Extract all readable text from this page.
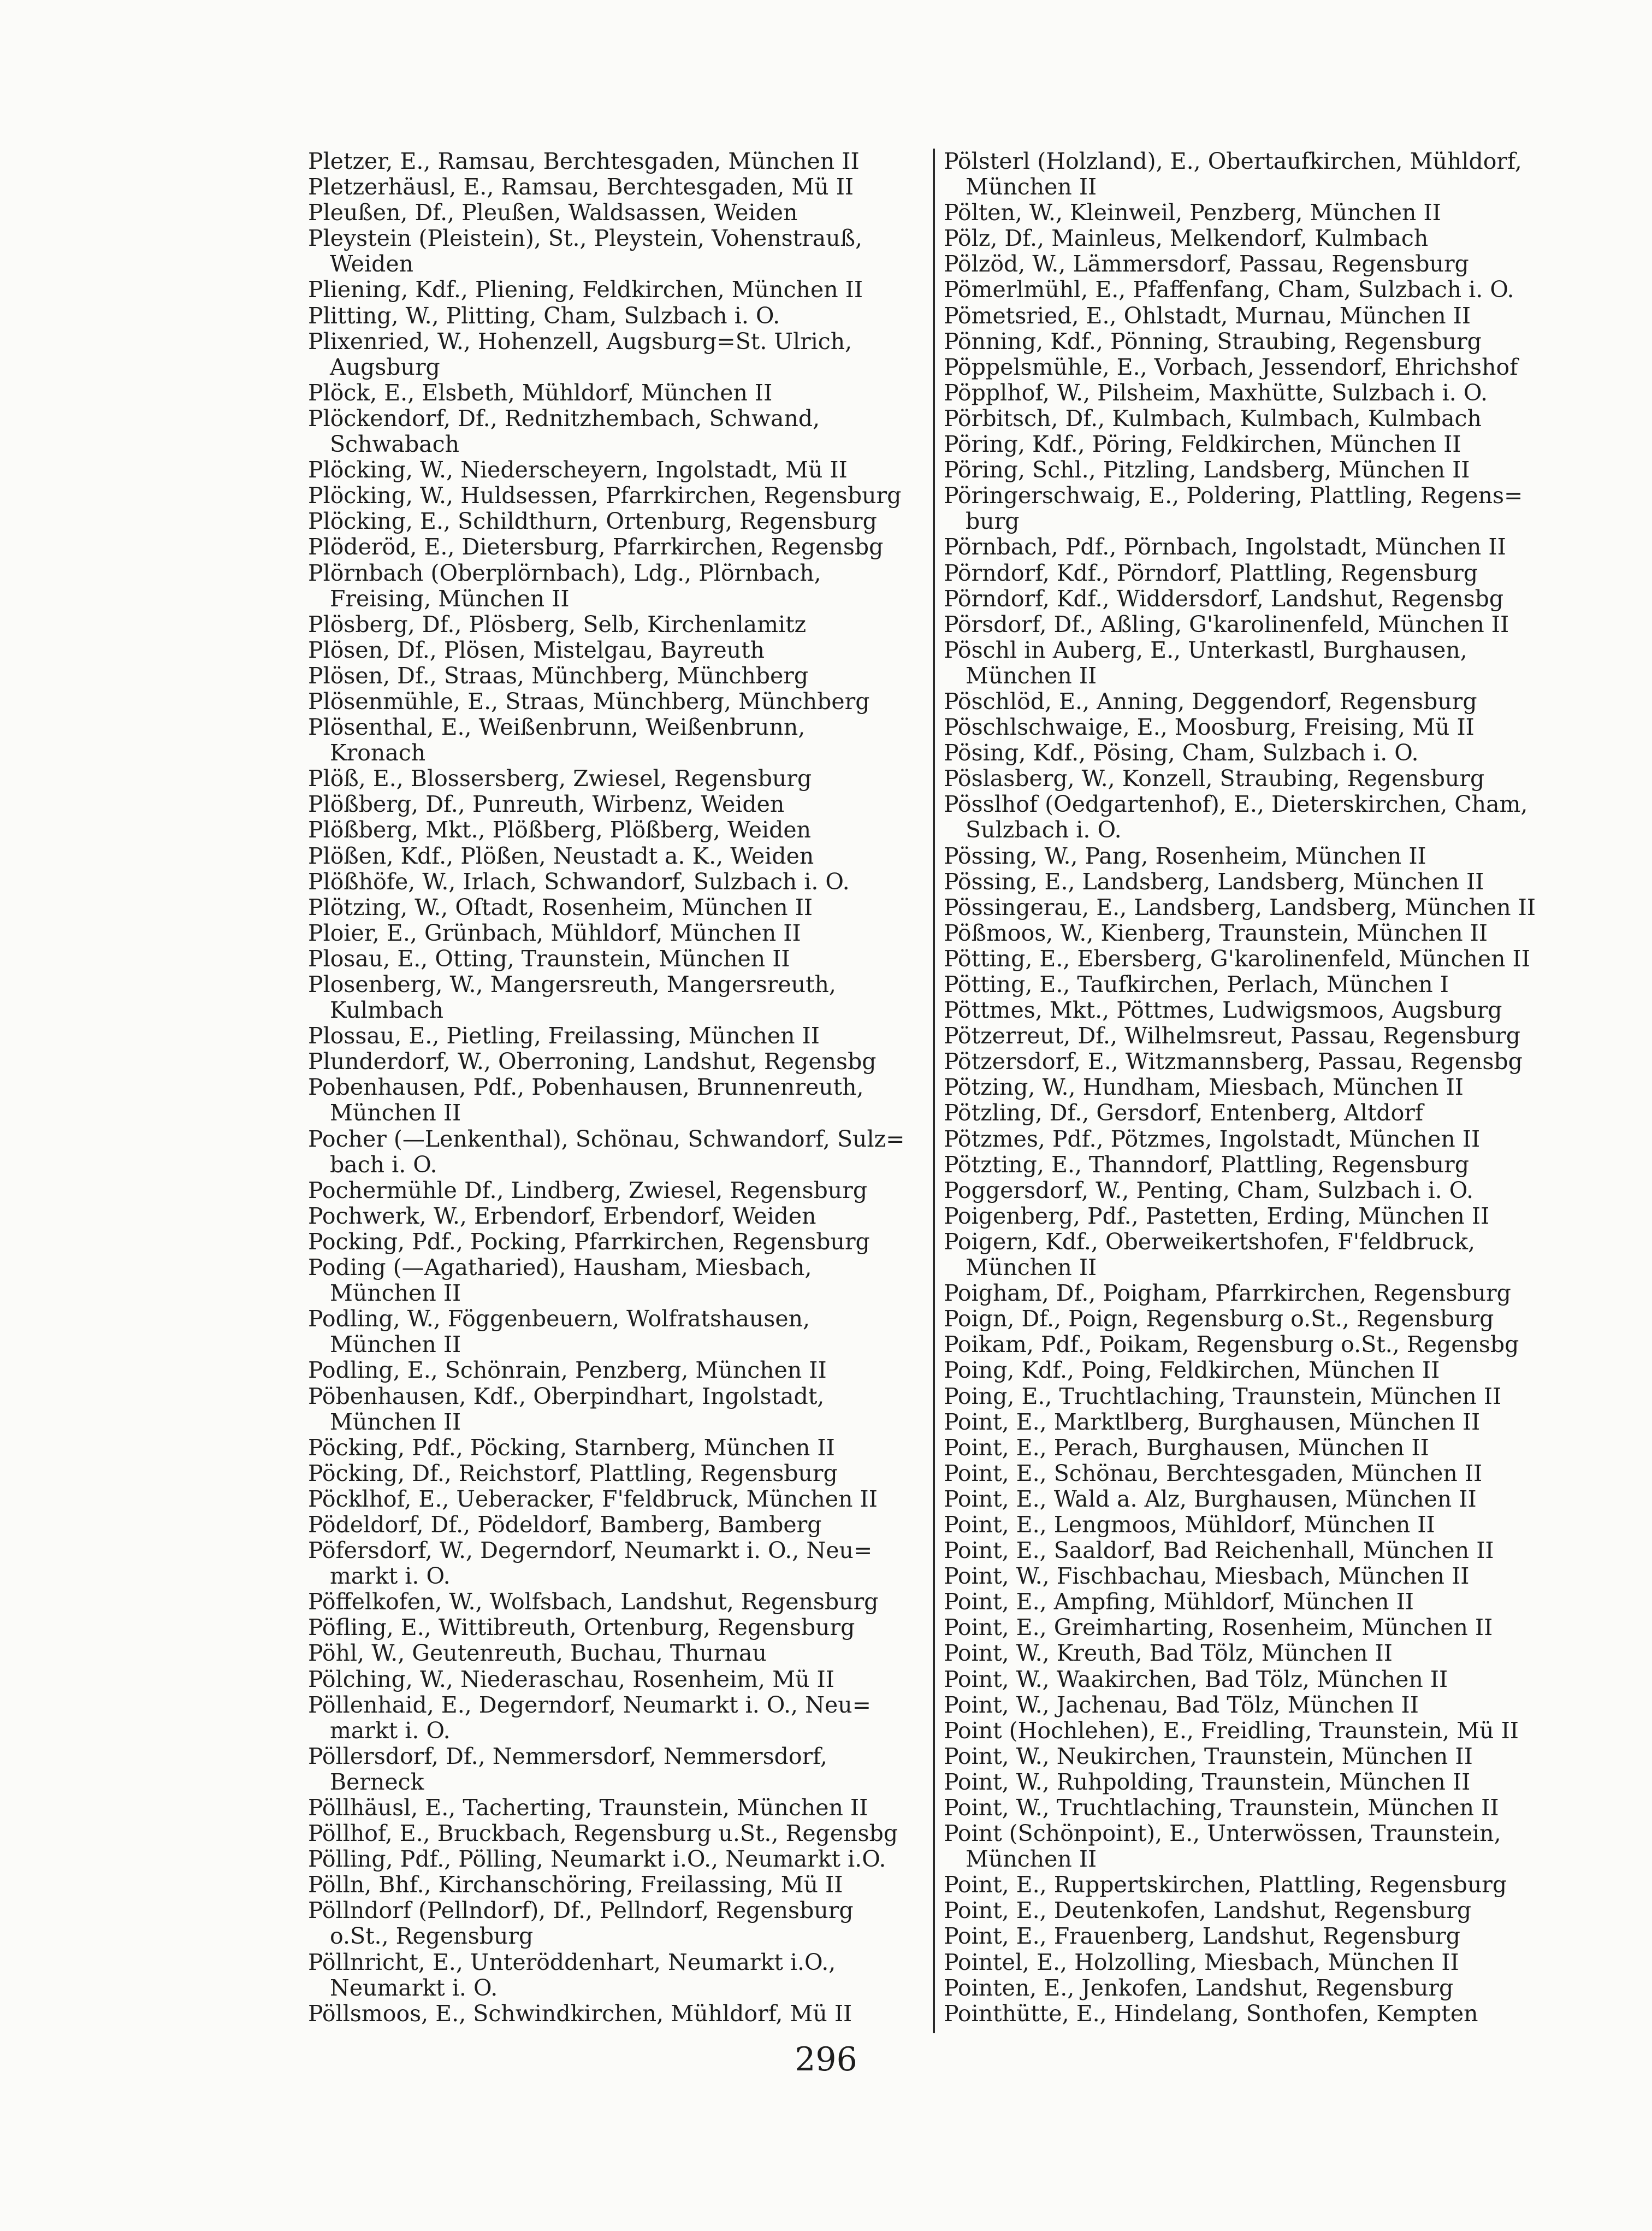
Pletzer, E., Ramsau, Berchtesgaden, München II
Pletzerhäusl, E., Ramsau, Berchtesgaden, Mü II
Pleußen, Df., Pleußen, Waldsassen, Weiden
Pleystein (Pleistein), St., Pleystein, Vohenstrauß,
Weiden
Pliening, Kdf., Pliening, Feldkirchen, München II
Plitting, W., Plitting, Cham, Sulzbach i. O.
Plixenried, W., Hohenzell, Augsburg=St. Ulrich,
Augsburg
Plöck, E., Elsbeth, Mühldorf, München II
Plöckendorf, Df., Rednitzhembach, Schwand,
Schwabach
Plöcking, W., Niederscheyern, Ingolstadt, Mü II
Plöcking, W., Huldsessen, Pfarrkirchen, Regensburg
Plöcking, E., Schildthurn, Ortenburg, Regensburg
Plöderöd, E., Dietersburg, Pfarrkirchen, Regensbg
Plörnbach (Oberplörnbach), Ldg., Plörnbach,
Freising, München II
Plösberg, Df., Plösberg, Selb, Kirchenlamitz
Plösen, Df., Plösen, Mistelgau, Bayreuth
Plösen, Df., Straas, Münchberg, Münchberg
Plösenmühle, E., Straas, Münchberg, Münchberg
Plösenthal, E., Weißenbrunn, Weißenbrunn,
Kronach
Plöß, E., Blossersberg, Zwiesel, Regensburg
Plößberg, Df., Punreuth, Wirbenz, Weiden
Plößberg, Mkt., Plößberg, Plößberg, Weiden
Plößen, Kdf., Plößen, Neustadt a. K., Weiden
Plößhöfe, W., Irlach, Schwandorf, Sulzbach i. O.
Plötzing, W., Oſtadt, Rosenheim, München II
Ploier, E., Grünbach, Mühldorf, München II
Plosau, E., Otting, Traunstein, München II
Plosenberg, W., Mangersreuth, Mangersreuth,
Kulmbach
Plossau, E., Pietling, Freilassing, München II
Plunderdorf, W., Oberroning, Landshut, Regensbg
Pobenhausen, Pdf., Pobenhausen, Brunnenreuth,
München II
Pocher (—Lenkenthal), Schönau, Schwandorf, Sulz=
bach i. O.
Pochermühle Df., Lindberg, Zwiesel, Regensburg
Pochwerk, W., Erbendorf, Erbendorf, Weiden
Pocking, Pdf., Pocking, Pfarrkirchen, Regensburg
Poding (—Agatharied), Hausham, Miesbach,
München II
Podling, W., Föggenbeuern, Wolfratshausen,
München II
Podling, E., Schönrain, Penzberg, München II
Pöbenhausen, Kdf., Oberpindhart, Ingolstadt,
München II
Pöcking, Pdf., Pöcking, Starnberg, München II
Pöcking, Df., Reichstorf, Plattling, Regensburg
Pöcklhof, E., Ueberacker, F'feldbruck, München II
Pödeldorf, Df., Pödeldorf, Bamberg, Bamberg
Pöfersdorf, W., Degerndorf, Neumarkt i. O., Neu=
markt i. O.
Pöffelkofen, W., Wolfsbach, Landshut, Regensburg
Pöfling, E., Wittibreuth, Ortenburg, Regensburg
Pöhl, W., Geutenreuth, Buchau, Thurnau
Pölching, W., Niederaschau, Rosenheim, Mü II
Pöllenhaid, E., Degerndorf, Neumarkt i. O., Neu=
markt i. O.
Pöllersdorf, Df., Nemmersdorf, Nemmersdorf,
Berneck
Pöllhäusl, E., Tacherting, Traunstein, München II
Pöllhof, E., Bruckbach, Regensburg u.St., Regensbg
Pölling, Pdf., Pölling, Neumarkt i.O., Neumarkt i.O.
Pölln, Bhf., Kirchanschöring, Freilassing, Mü II
Pöllndorf (Pellndorf), Df., Pellndorf, Regensburg
o.St., Regensburg
Pöllnricht, E., Unteröddenhart, Neumarkt i.O.,
Neumarkt i. O.
Pöllsmoos, E., Schwindkirchen, Mühldorf, Mü II
Pölsterl (Holzland), E., Obertaufkirchen, Mühldorf,
München II
Pölten, W., Kleinweil, Penzberg, München II
Pölz, Df., Mainleus, Melkendorf, Kulmbach
Pölzöd, W., Lämmersdorf, Passau, Regensburg
Pömerlmühl, E., Pfaffenfang, Cham, Sulzbach i. O.
Pömetsried, E., Ohlstadt, Murnau, München II
Pönning, Kdf., Pönning, Straubing, Regensburg
Pöppelsmühle, E., Vorbach, Jessendorf, Ehrichshof
Pöpplhof, W., Pilsheim, Maxhütte, Sulzbach i. O.
Pörbitsch, Df., Kulmbach, Kulmbach, Kulmbach
Pöring, Kdf., Pöring, Feldkirchen, München II
Pöring, Schl., Pitzling, Landsberg, München II
Pöringerschwaig, E., Poldering, Plattling, Regens=
burg
Pörnbach, Pdf., Pörnbach, Ingolstadt, München II
Pörndorf, Kdf., Pörndorf, Plattling, Regensburg
Pörndorf, Kdf., Widdersdorf, Landshut, Regensbg
Pörsdorf, Df., Aßling, G'karolinenfeld, München II
Pöschl in Auberg, E., Unterkastl, Burghausen,
München II
Pöschlöd, E., Anning, Deggendorf, Regensburg
Pöschlschwaige, E., Moosburg, Freising, Mü II
Pösing, Kdf., Pösing, Cham, Sulzbach i. O.
Pöslasberg, W., Konzell, Straubing, Regensburg
Pösslhof (Oedgartenhof), E., Dieterskirchen, Cham,
Sulzbach i. O.
Pössing, W., Pang, Rosenheim, München II
Pössing, E., Landsberg, Landsberg, München II
Pössingerau, E., Landsberg, Landsberg, München II
Pößmoos, W., Kienberg, Traunstein, München II
Pötting, E., Ebersberg, G'karolinenfeld, München II
Pötting, E., Taufkirchen, Perlach, München I
Pöttmes, Mkt., Pöttmes, Ludwigsmoos, Augsburg
Pötzerreut, Df., Wilhelmsreut, Passau, Regensburg
Pötzersdorf, E., Witzmannsberg, Passau, Regensbg
Pötzing, W., Hundham, Miesbach, München II
Pötzling, Df., Gersdorf, Entenberg, Altdorf
Pötzmes, Pdf., Pötzmes, Ingolstadt, München II
Pötzting, E., Thanndorf, Plattling, Regensburg
Poggersdorf, W., Penting, Cham, Sulzbach i. O.
Poigenberg, Pdf., Pastetten, Erding, München II
Poigern, Kdf., Oberweikertshofen, F'feldbruck,
München II
Poigham, Df., Poigham, Pfarrkirchen, Regensburg
Poign, Df., Poign, Regensburg o.St., Regensburg
Poikam, Pdf., Poikam, Regensburg o.St., Regensbg
Poing, Kdf., Poing, Feldkirchen, München II
Poing, E., Truchtlaching, Traunstein, München II
Point, E., Marktlberg, Burghausen, München II
Point, E., Perach, Burghausen, München II
Point, E., Schönau, Berchtesgaden, München II
Point, E., Wald a. Alz, Burghausen, München II
Point, E., Lengmoos, Mühldorf, München II
Point, E., Saaldorf, Bad Reichenhall, München II
Point, W., Fischbachau, Miesbach, München II
Point, E., Ampfing, Mühldorf, München II
Point, E., Greimharting, Rosenheim, München II
Point, W., Kreuth, Bad Tölz, München II
Point, W., Waakirchen, Bad Tölz, München II
Point, W., Jachenau, Bad Tölz, München II
Point (Hochlehen), E., Freidling, Traunstein, Mü II
Point, W., Neukirchen, Traunstein, München II
Point, W., Ruhpolding, Traunstein, München II
Point, W., Truchtlaching, Traunstein, München II
Point (Schönpoint), E., Unterwössen, Traunstein,
München II
Point, E., Ruppertskirchen, Plattling, Regensburg
Point, E., Deutenkofen, Landshut, Regensburg
Point, E., Frauenberg, Landshut, Regensburg
Pointel, E., Holzolling, Miesbach, München II
Pointen, E., Jenkofen, Landshut, Regensburg
Pointhütte, E., Hindelang, Sonthofen, Kempten
296
